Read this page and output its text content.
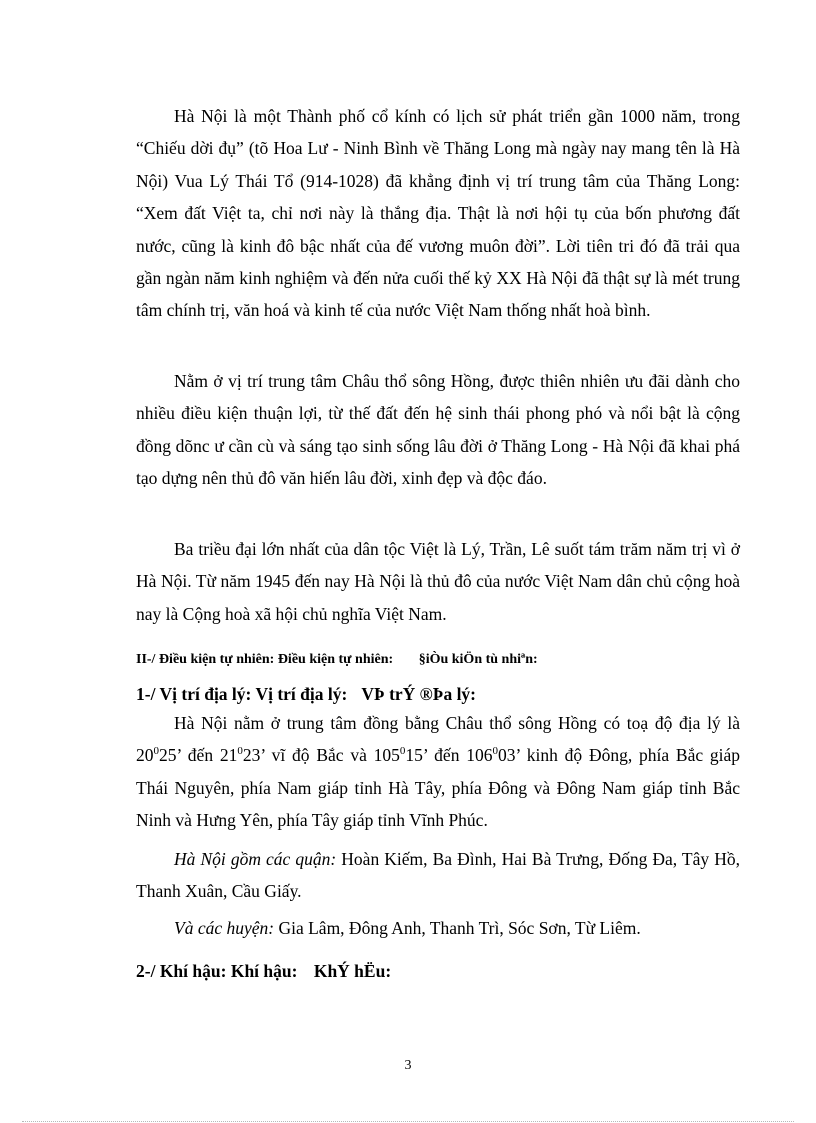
Hà Nội là một Thành phố cổ kính có lịch sử phát triển gần 1000 năm, trong “Chiếu dời đụ” (tõ Hoa Lư - Ninh Bình về Thăng Long mà ngày nay mang tên là Hà Nội) Vua Lý Thái Tổ (914-1028) đã khẳng định vị trí trung tâm của Thăng Long: “Xem đất Việt ta, chỉ nơi này là thắng địa. Thật là nơi hội tụ của bốn phương đất nước, cũng là kinh đô bậc nhất của đế vương muôn đời”. Lời tiên tri đó đã trải qua gần ngàn năm kinh nghiệm và đến nửa cuối thế kỷ XX Hà Nội đã thật sự là mét trung tâm chính trị, văn hoá và kinh tế của nước Việt Nam thống nhất hoà bình.

Nằm ở vị trí trung tâm Châu thổ sông Hồng, được thiên nhiên ưu đãi dành cho nhiều điều kiện thuận lợi, từ thế đất đến hệ sinh thái phong phó và nổi bật là cộng đồng dõnc ư cần cù và sáng tạo sinh sống lâu đời ở Thăng Long - Hà Nội đã khai phá tạo dựng nên thủ đô văn hiến lâu đời, xinh đẹp và độc đáo.

Ba triều đại lớn nhất của dân tộc Việt là Lý, Trần, Lê suốt tám trăm năm trị vì ở Hà Nội. Từ năm 1945 đến nay Hà Nội là thủ đô của nước Việt Nam dân chủ cộng hoà nay là Cộng hoà xã hội chủ nghĩa Việt Nam.

II-/ Điều kiện tự nhiên: Điều kiện tự nhiên: §iÒu kiÖn tù nhiªn:

1-/ Vị trí địa lý: Vị trí địa lý: VÞ trÝ ®Þa lý:

Hà Nội nằm ở trung tâm đồng bằng Châu thổ sông Hồng có toạ độ địa lý là $20^025$’ đến $21^023$’ vĩ độ Bắc và $105^015$’ đến $106^003$’ kinh độ Đông, phía Bắc giáp Thái Nguyên, phía Nam giáp tỉnh Hà Tây, phía Đông và Đông Nam giáp tỉnh Bắc Ninh và Hưng Yên, phía Tây giáp tỉnh Vĩnh Phúc.

Hà Nội gồm các quận: Hoàn Kiếm, Ba Đình, Hai Bà Trưng, Đống Đa, Tây Hồ, Thanh Xuân, Cầu Giấy.

Và các huyện: Gia Lâm, Đông Anh, Thanh Trì, Sóc Sơn, Từ Liêm.

2-/ Khí hậu: Khí hậu: KhÝ hËu:

3
